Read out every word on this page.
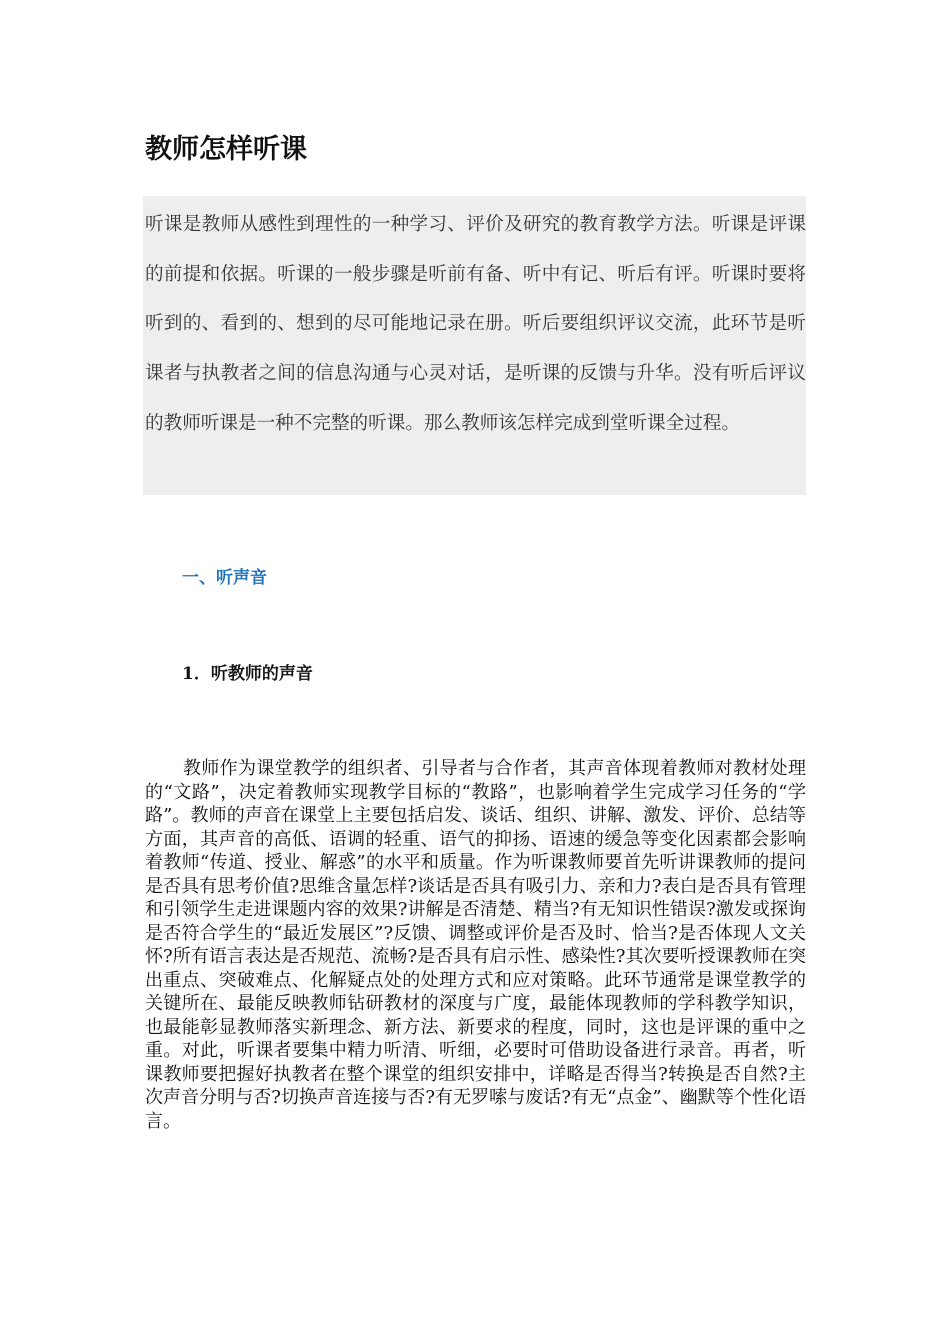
教师怎样听课

听课是教师从感性到理性的一种学习、评价及研究的教育教学方法。听课是评课的前提和依据。听课的一般步骤是听前有备、听中有记、听后有评。听课时要将听到的、看到的、想到的尽可能地记录在册。听后要组织评议交流，此环节是听课者与执教者之间的信息沟通与心灵对话，是听课的反馈与升华。没有听后评议的教师听课是一种不完整的听课。那么教师该怎样完成到堂听课全过程。

一、听声音
1．听教师的声音

教师作为课堂教学的组织者、引导者与合作者，其声音体现着教师对教材处理的“文路”，决定着教师实现教学目标的“教路”，也影响着学生完成学习任务的“学路”。教师的声音在课堂上主要包括启发、谈话、组织、讲解、激发、评价、总结等方面，其声音的高低、语调的轻重、语气的抑扬、语速的缓急等变化因素都会影响着教师“传道、授业、解惑”的水平和质量。作为听课教师要首先听讲课教师的提问是否具有思考价值?思维含量怎样?谈话是否具有吸引力、亲和力?表白是否具有管理和引领学生走进课题内容的效果?讲解是否清楚、精当?有无知识性错误?激发或探询是否符合学生的“最近发展区”?反馈、调整或评价是否及时、恰当?是否体现人文关怀?所有语言表达是否规范、流畅?是否具有启示性、感染性?其次要听授课教师在突出重点、突破难点、化解疑点处的处理方式和应对策略。此环节通常是课堂教学的关键所在、最能反映教师钻研教材的深度与广度，最能体现教师的学科教学知识，也最能彰显教师落实新理念、新方法、新要求的程度，同时，这也是评课的重中之重。对此，听课者要集中精力听清、听细，必要时可借助设备进行录音。再者，听课教师要把握好执教者在整个课堂的组织安排中，详略是否得当?转换是否自然?主次声音分明与否?切换声音连接与否?有无罗嗦与废话?有无“点金”、幽默等个性化语言。
